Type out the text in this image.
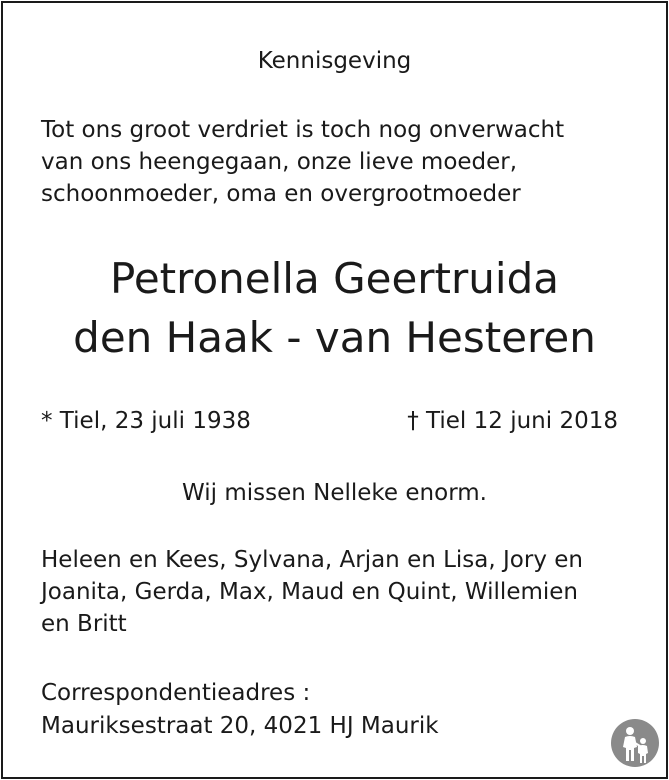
Kennisgeving
Tot ons groot verdriet is toch nog onverwacht
van ons heengegaan, onze lieve moeder,
schoonmoeder, oma en overgrootmoeder
Petronella Geertruida
den Haak - van Hesteren
* Tiel, 23 juli 1938	† Tiel 12 juni 2018
Wij missen Nelleke enorm.
Heleen en Kees, Sylvana, Arjan en Lisa, Jory en
Joanita, Gerda, Max, Maud en Quint, Willemien
en Britt
Correspondentieadres :
Mauriksestraat 20, 4021 HJ Maurik
